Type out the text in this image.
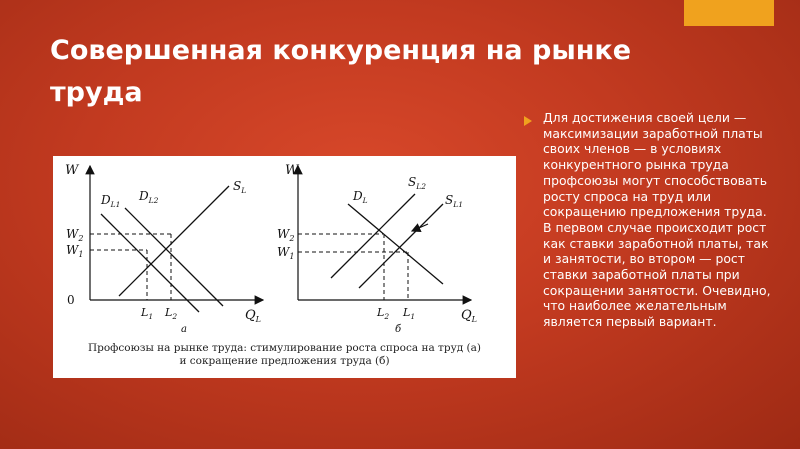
Совершенная конкуренция на рынке труда
W
$Q_L$
0
$W_2$
$W_1$
$L_1$ $L_2$
$D_{L1}$
$D_{L2}$
$S_L$
а
W
$Q_L$
$W_2$
$W_1$
$L_2$ $L_1$
$D_L$
$S_{L2}$
$S_{L1}$
б
Профсоюзы на рынке труда: стимулирование роста спроса на труд (а)
и сокращение предложения труда (б)
Для достижения своей цели — максимизации заработной платы своих членов — в условиях конкурентного рынка труда профсоюзы могут способствовать росту спроса на труд или сокращению предложения труда. В первом случае происходит рост как ставки заработной платы, так и занятости, во втором — рост ставки заработной платы при сокращении занятости. Очевидно, что наиболее желательным является первый вариант.
